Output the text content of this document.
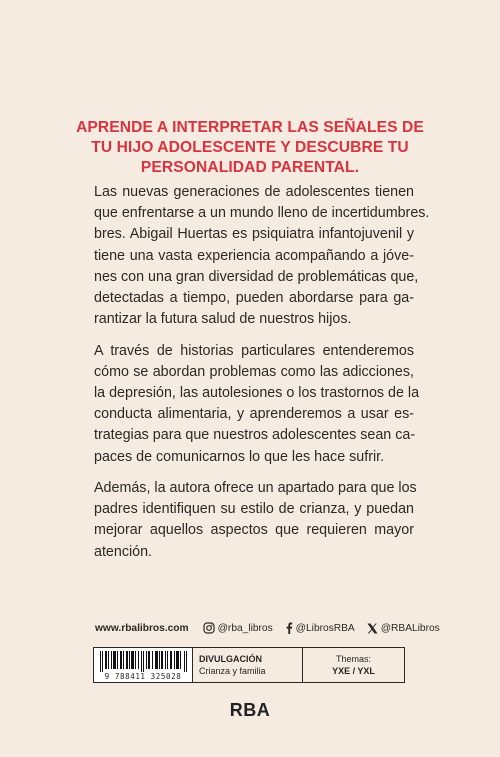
APRENDE A INTERPRETAR LAS SEÑALES DE
TU HIJO ADOLESCENTE Y DESCUBRE TU
PERSONALIDAD PARENTAL.

Las nuevas generaciones de adolescentes tienen
que enfrentarse a un mundo lleno de incertidumbres.
bres. Abigail Huertas es psiquiatra infantojuvenil y
tiene una vasta experiencia acompañando a jóve-
nes con una gran diversidad de problemáticas que,
detectadas a tiempo, pueden abordarse para ga-
rantizar la futura salud de nuestros hijos.

A través de historias particulares entenderemos
cómo se abordan problemas como las adicciones,
la depresión, las autolesiones o los trastornos de la
conducta alimentaria, y aprenderemos a usar es-
trategias para que nuestros adolescentes sean ca-
paces de comunicarnos lo que les hace sufrir.

Además, la autora ofrece un apartado para que los
padres identifiquen su estilo de crianza, y puedan
mejorar aquellos aspectos que requieren mayor
atención.

www.rbalibros.com	@rba_libros @LibrosRBA	@RBALibros
9 788411 325028
DIVULGACIÓN
Crianza y familia
Themas:
YXE / YXL
RBA
